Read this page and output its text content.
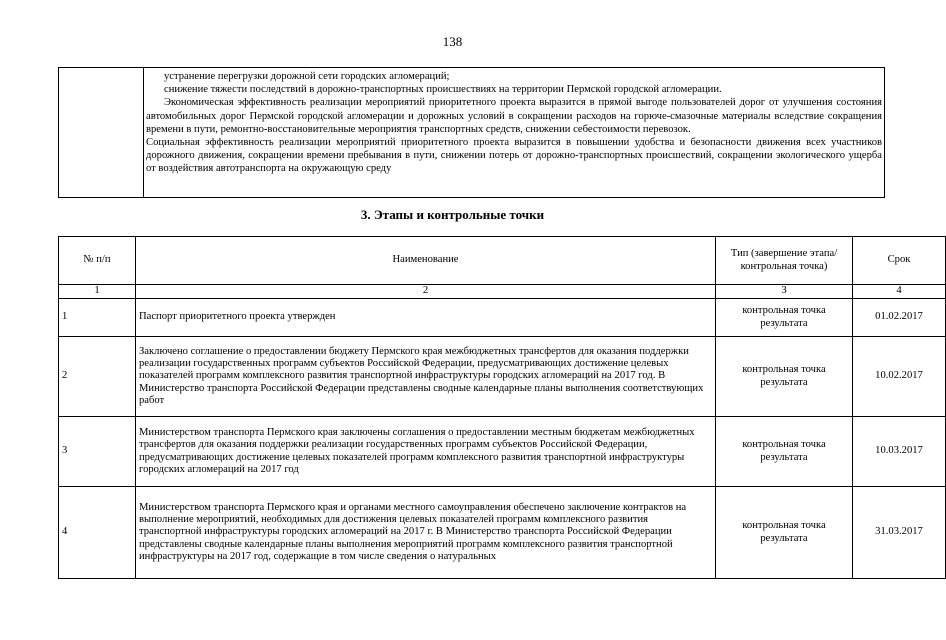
138

устранение перегрузки дорожной сети городских агломераций;

снижение тяжести последствий в дорожно-транспортных происшествиях на территории Пермской городской агломерации.

Экономическая эффективность реализации мероприятий приоритетного проекта выразится в прямой выгоде пользователей дорог от улучшения состояния автомобильных дорог Пермской городской агломерации и дорожных условий в сокращении расходов на горюче-смазочные материалы вследствие сокращения времени в пути, ремонтно-восстановительные мероприятия транспортных средств, снижении себестоимости перевозок.

Социальная эффективность реализации мероприятий приоритетного проекта выразится в повышении удобства и безопасности движения всех участников дорожного движения, сокращении времени пребывания в пути, снижении потерь от дорожно-транспортных происшествий, сокращении экологического ущерба от воздействия автотранспорта на окружающую среду

3. Этапы и контрольные точки
№ п/п	Наименование	Тип (завершение этапа/контрольная точка)	Срок
1	2	3	4
1	Паспорт приоритетного проекта утвержден	контрольная точка результата	01.02.2017
2	Заключено соглашение о предоставлении бюджету Пермского края межбюджетных трансфертов для оказания поддержки реализации государственных программ субъектов Российской Федерации, предусматривающих достижение целевых показателей программ комплексного развития транспортной инфраструктуры городских агломераций на 2017 год. В Министерство транспорта Российской Федерации представлены сводные календарные планы выполнения соответствующих работ	контрольная точка результата	10.02.2017
3	Министерством транспорта Пермского края заключены соглашения о предоставлении местным бюджетам межбюджетных трансфертов для оказания поддержки реализации государственных программ субъектов Российской Федерации, предусматривающих достижение целевых показателей программ комплексного развития транспортной инфраструктуры городских агломераций на 2017 год	контрольная точка результата	10.03.2017
4	Министерством транспорта Пермского края и органами местного самоуправления обеспечено заключение контрактов на выполнение мероприятий, необходимых для достижения целевых показателей программ комплексного развития транспортной инфраструктуры городских агломераций на 2017 г. В Министерство транспорта Российской Федерации представлены сводные календарные планы выполнения мероприятий программ комплексного развития транспортной инфраструктуры на 2017 год, содержащие в том числе сведения о натуральных	контрольная точка результата	31.03.2017
